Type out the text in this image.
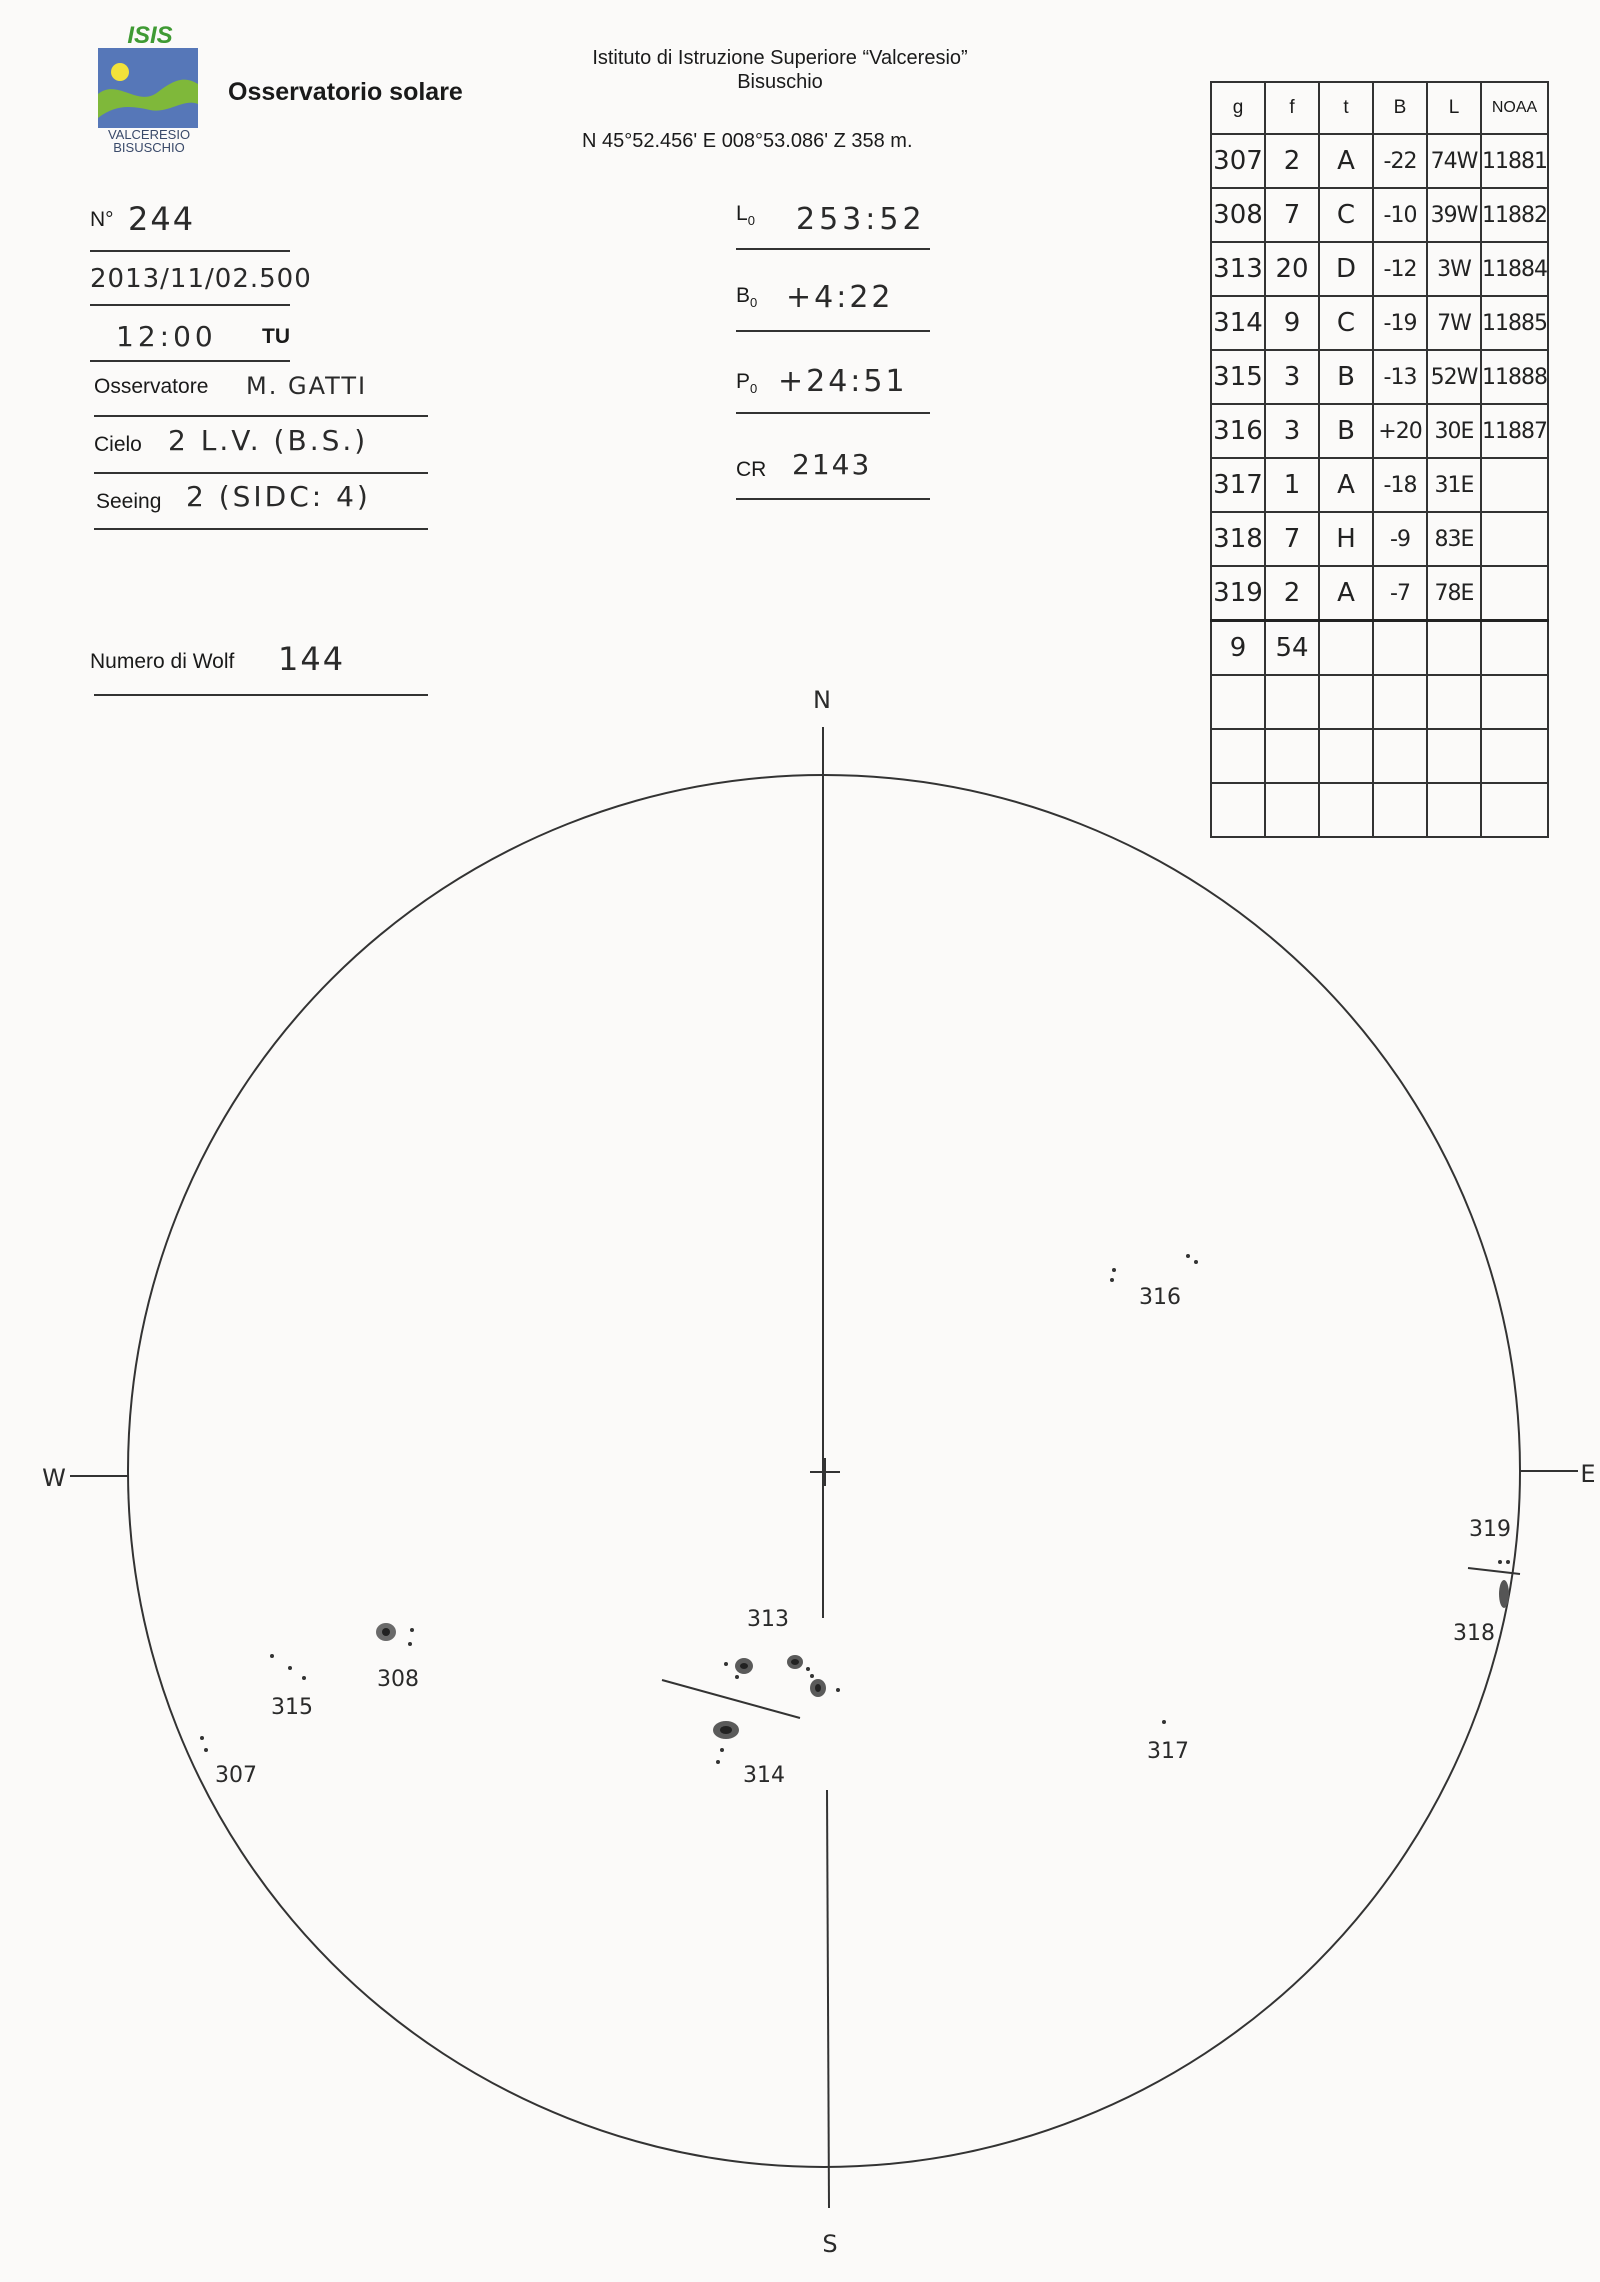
ISIS
VALCERESIO
BISUSCHIO
Osservatorio solare
Istituto di Istruzione Superiore “Valceresio”
Bisuschio
N 45°52.456' E 008°53.086' Z 358 m.
N° 244
2013/11/02.500
12:00 TU
Osservatore M. GATTI
Cielo 2 L.V. (B.S.)
Seeing 2 (SIDC: 4)
Numero di Wolf 144
$L_0$ 253:52
$B_0$ +4:22
$P_0$ +24:51
CR 2143
g	f	t	B	L	NOAA
307	2	A	-22	74W	11881
308	7	C	-10	39W	11882
313	20	D	-12	3W	11884
314	9	C	-19	7W	11885
315	3	B	-13	52W	11888
316	3	B	+20	30E	11887
317	1	A	-18	31E	
318	7	H	-9	83E	
319	2	A	-7	78E	
9	54				

N
S
W	E
316
313
308
315
307	314
317
319
318
